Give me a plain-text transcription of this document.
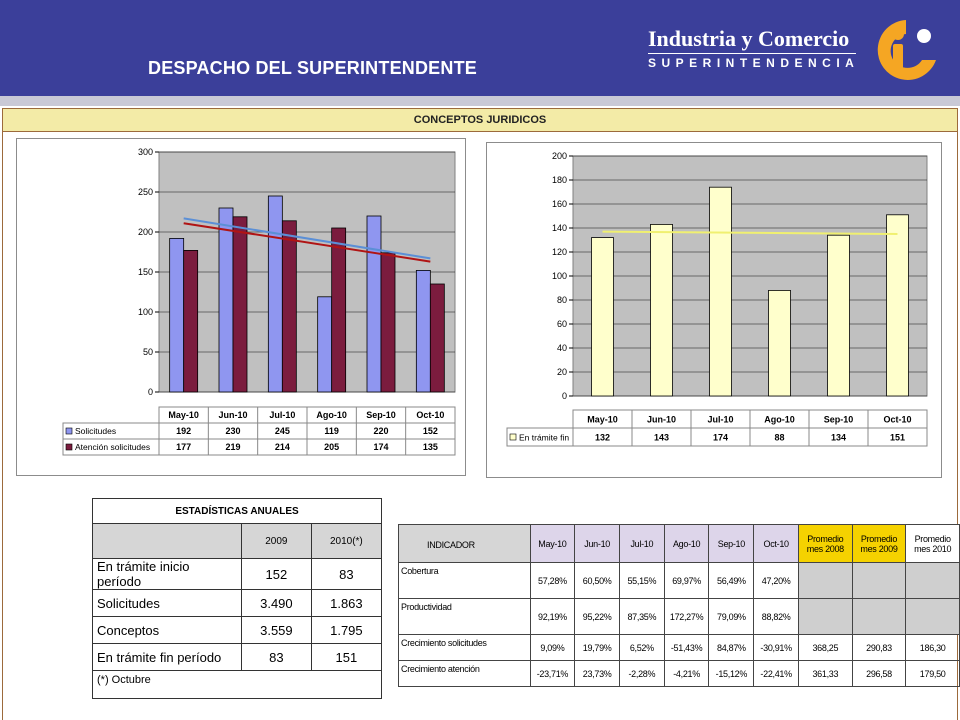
DESPACHO DEL SUPERINTENDENTE
Industria y Comercio
SUPERINTENDENCIA
CONCEPTOS JURIDICOS
0
50
100
150
200
250
300
May-10 Jun-10 Jul-10 Ago-10 Sep-10 Oct-10
Solicitudes	192	230	245	119	220	152
Atención solicitudes	177	219	214	205	174	135
0
20
40
60
80
100
120
140
160
180
200
May-10	Jun-10	Jul-10	Ago-10	Sep-10	Oct-10
En trámite fin	132	143	174	88	134	151
ESTADÍSTICAS ANUALES		
	2009	2010(*)
En trámite inicio período	152	83
Solicitudes	3.490	1.863
Conceptos	3.559	1.795
En trámite fin período	83	151
(*) Octubre		
INDICADOR	May-10	Jun-10	Jul-10	Ago-10	Sep-10	Oct-10	Promedio mes 2008	Promedio mes 2009	Promedio mes 2010
Cobertura	57,28%	60,50%	55,15%	69,97%	56,49%	47,20%			
Productividad	92,19%	95,22%	87,35%	172,27%	79,09%	88,82%			
Crecimiento solicitudes	9,09%	19,79%	6,52%	-51,43%	84,87%	-30,91%	368,25	290,83	186,30
Crecimiento atención	-23,71%	23,73%	-2,28%	-4,21%	-15,12%	-22,41%	361,33	296,58	179,50
